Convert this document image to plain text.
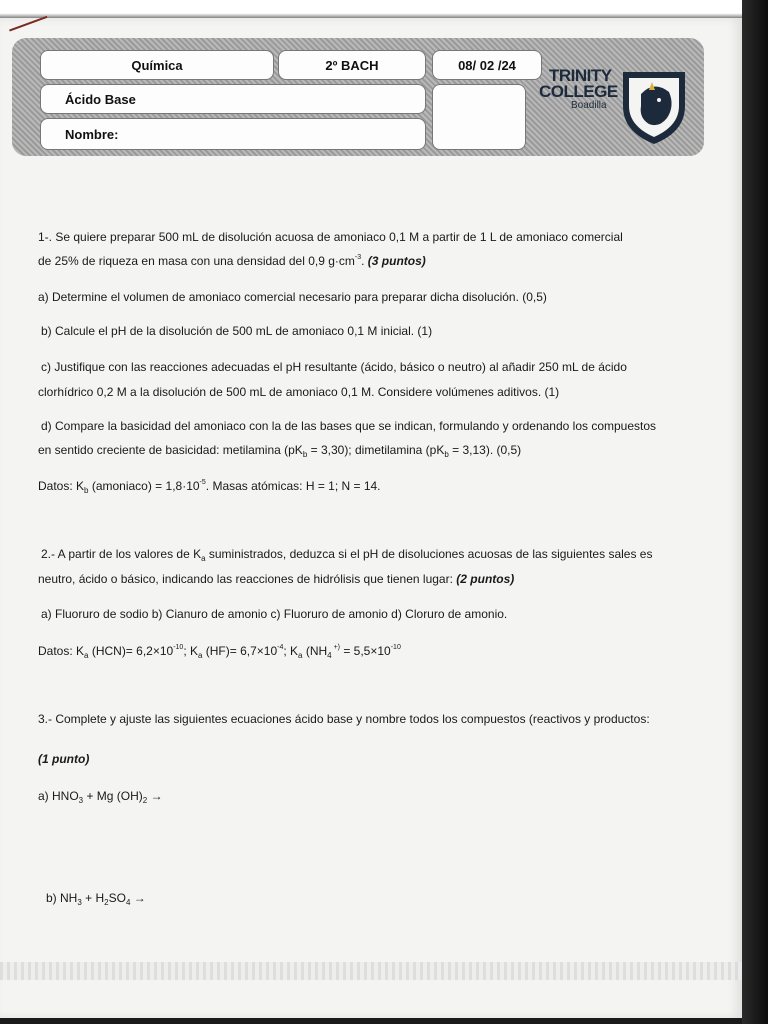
Química	2º BACH	08/ 02 /24
Ácido Base
Nombre:
TRINITY
COLLEGE
Boadilla
1-. Se quiere preparar 500 mL de disolución acuosa de amoniaco 0,1 M a partir de 1 L de amoniaco comercial
de 25% de riqueza en masa con una densidad del 0,9 $g\cdot cm^{-3}$. (3 puntos)
a) Determine el volumen de amoniaco comercial necesario para preparar dicha disolución. (0,5)
b) Calcule el pH de la disolución de 500 mL de amoniaco 0,1 M inicial. (1)
c) Justifique con las reacciones adecuadas el pH resultante (ácido, básico o neutro) al añadir 250 mL de ácido
clorhídrico 0,2 M a la disolución de 500 mL de amoniaco 0,1 M. Considere volúmenes aditivos. (1)
d) Compare la basicidad del amoniaco con la de las bases que se indican, formulando y ordenando los compuestos
en sentido creciente de basicidad: metilamina $(pK_b = 3,30)$; dimetilamina $(pK_b = 3,13)$. (0,5)
Datos: $K_b$ (amoniaco) = $1,8\cdot 10^{-5}$. Masas atómicas: H = 1; N = 14.
2.- A partir de los valores de $K_a$ suministrados, deduzca si el pH de disoluciones acuosas de las siguientes sales es
neutro, ácido o básico, indicando las reacciones de hidrólisis que tienen lugar: (2 puntos)
a) Fluoruro de sodio b) Cianuro de amonio c) Fluoruro de amonio d) Cloruro de amonio.
Datos: $K_a$ $(HCN)= 6,2\times 10^{-10}$; $K_a$ $(HF)= 6,7\times 10^{-4}$; $K_a$ ($NH_4$ $^{+)} = 5,5\times 10^{-10}$
3.- Complete y ajuste las siguientes ecuaciones ácido base y nombre todos los compuestos (reactivos y productos:
(1 punto)
a) $HNO_3 + Mg$ $(OH)_2$ →
b) $NH_3 + H_2SO_4$ →
